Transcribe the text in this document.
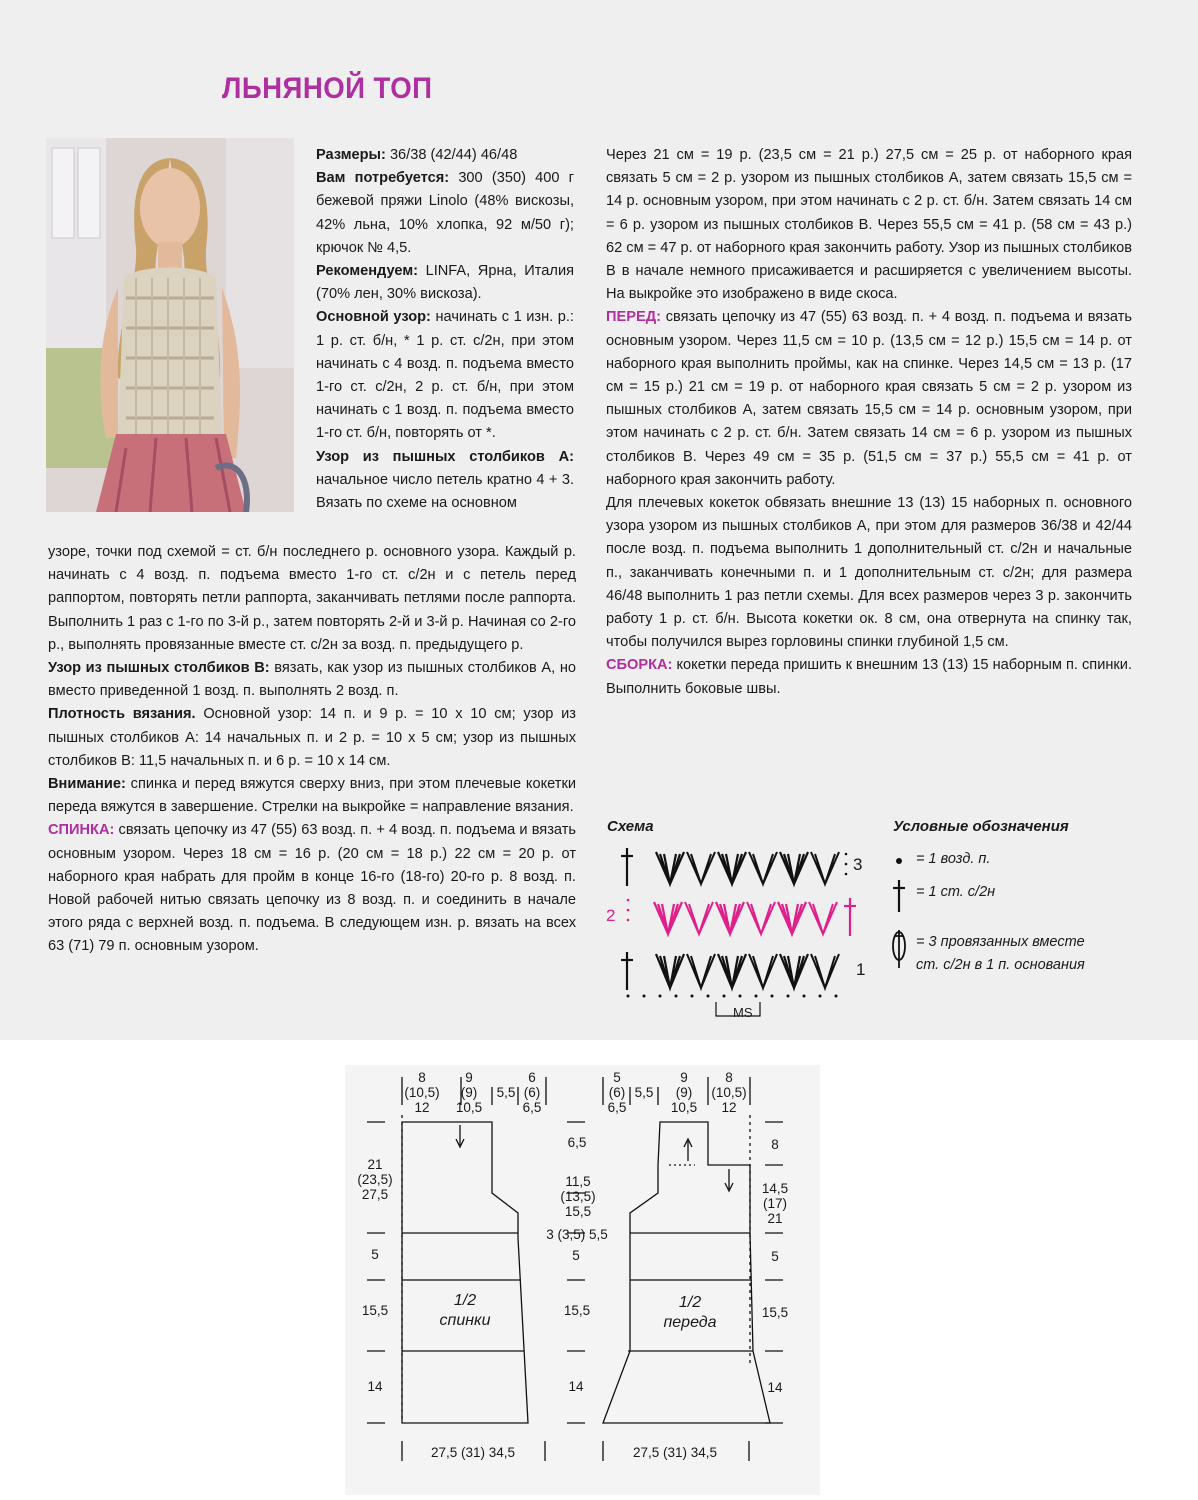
ЛЬНЯНОЙ ТОП

Размеры: 36/38 (42/44) 46/48

Вам потребуется: 300 (350) 400 г бежевой пряжи Linolo (48% вискозы, 42% льна, 10% хлопка, 92 м/50 г); крючок № 4,5.

Рекомендуем: LINFA, Ярна, Италия (70% лен, 30% вискоза).

Основной узор: начинать с 1 изн. р.: 1 р. ст. б/н, * 1 р. ст. с/2н, при этом начинать с 4 возд. п. подъема вместо 1-го ст. с/2н, 2 р. ст. б/н, при этом начинать с 1 возд. п. подъема вместо 1-го ст. б/н, повторять от *.

Узор из пышных столбиков А: начальное число петель кратно 4 + 3. Вязать по схеме на основном

узоре, точки под схемой = ст. б/н последнего р. основного узора. Каждый р. начинать с 4 возд. п. подъема вместо 1-го ст. с/2н и с петель перед раппортом, повторять петли раппорта, заканчивать петлями после раппорта. Выполнить 1 раз с 1-го по 3-й р., затем повторять 2-й и 3-й р. Начиная со 2-го р., выполнять провязанные вместе ст. с/2н за возд. п. предыдущего р.

Узор из пышных столбиков В: вязать, как узор из пышных столбиков А, но вместо приведенной 1 возд. п. выполнять 2 возд. п.

Плотность вязания. Основной узор: 14 п. и 9 р. = 10 х 10 см; узор из пышных столбиков А: 14 начальных п. и 2 р. = 10 х 5 см; узор из пышных столбиков В: 11,5 начальных п. и 6 р. = 10 х 14 см.

Внимание: спинка и перед вяжутся сверху вниз, при этом плечевые кокетки переда вяжутся в завершение. Стрелки на выкройке = направление вязания.

СПИНКА: связать цепочку из 47 (55) 63 возд. п. + 4 возд. п. подъема и вязать основным узором. Через 18 см = 16 р. (20 см = 18 р.) 22 см = 20 р. от наборного края набрать для пройм в конце 16-го (18-го) 20-го р. 8 возд. п. Новой рабочей нитью связать цепочку из 8 возд. п. и соединить в начале этого ряда с верхней возд. п. подъема. В следующем изн. р. вязать на всех 63 (71) 79 п. основным узором.

Через 21 см = 19 р. (23,5 см = 21 р.) 27,5 см = 25 р. от наборного края связать 5 см = 2 р. узором из пышных столбиков А, затем связать 15,5 см = 14 р. основным узором, при этом начинать с 2 р. ст. б/н. Затем связать 14 см = 6 р. узором из пышных столбиков В. Через 55,5 см = 41 р. (58 см = 43 р.) 62 см = 47 р. от наборного края закончить работу. Узор из пышных столбиков В в начале немного присаживается и расширяется с увеличением высоты. На выкройке это изображено в виде скоса.

ПЕРЕД: связать цепочку из 47 (55) 63 возд. п. + 4 возд. п. подъема и вязать основным узором. Через 11,5 см = 10 р. (13,5 см = 12 р.) 15,5 см = 14 р. от наборного края выполнить проймы, как на спинке. Через 14,5 см = 13 р. (17 см = 15 р.) 21 см = 19 р. от наборного края связать 5 см = 2 р. узором из пышных столбиков А, затем связать 15,5 см = 14 р. основным узором, при этом начинать с 2 р. ст. б/н. Затем связать 14 см = 6 р. узором из пышных столбиков В. Через 49 см = 35 р. (51,5 см = 37 р.) 55,5 см = 41 р. от наборного края закончить работу.

Для плечевых кокеток обвязать внешние 13 (13) 15 наборных п. основного узора узором из пышных столбиков А, при этом для размеров 36/38 и 42/44 после возд. п. подъема выполнить 1 дополнительный ст. с/2н и начальные п., заканчивать конечными п. и 1 дополнительным ст. с/2н; для размера 46/48 выполнить 1 раз петли схемы. Для всех размеров через 3 р. закончить работу 1 р. ст. б/н. Высота кокетки ок. 8 см, она отвернута на спинку так, чтобы получился вырез горловины спинки глубиной 1,5 см.

СБОРКА: кокетки переда пришить к внешним 13 (13) 15 наборным п. спинки. Выполнить боковые швы.

Схема	Условные обозначения
3
2
1
MS
= 1 возд. п.
= 1 ст. с/2н
= 3 провязанных вместе
ст. с/2н в 1 п. основания
8
(10,5)
12
9
(9)
10,5
5,5
6
(6)
6,5
5
(6)
6,5
5,5
9
(9)
10,5
8
(10,5)
12
21
(23,5)
27,5
5
15,5
14
6,5
11,5
(13,5)
15,5
3 (3,5) 5,5
5
15,5
14
8
14,5
(17)
21
5
15,5
14
1/2
спинки
1/2
переда
27,5 (31) 34,5	27,5 (31) 34,5
